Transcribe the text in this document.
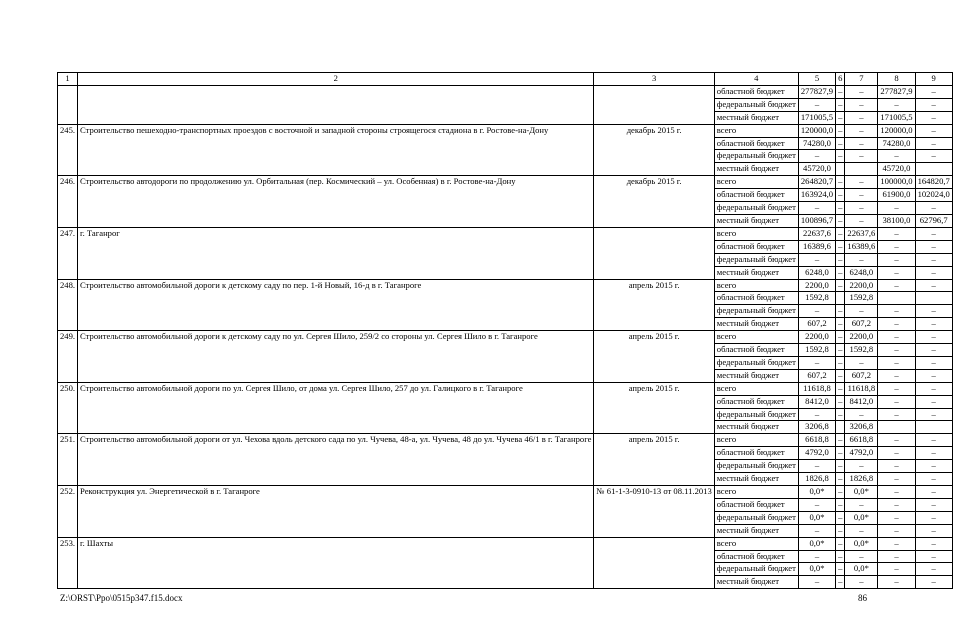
1	2	3	4	5	6	7	8	9
			областной бюджет	277827,9	–	–	277827,9	–
			федеральный бюджет	–	–	–	–	–
			местный бюджет	171005,5	–	–	171005,5	–
245.	Строительство пешеходно-транспортных проездов с восточной и западной стороны строящегося стадиона в г. Ростове-на-Дону	декабрь 2015 г.	всего	120000,0	–	–	120000,0	–
			областной бюджет	74280,0	–	–	74280,0	–
			федеральный бюджет	–	–	–	–	–
			местный бюджет	45720,0			45720,0	
246.	Строительство автодороги по продолжению ул. Орбитальная (пер. Космический – ул. Особенная) в г. Ростове-на-Дону	декабрь 2015 г.	всего	264820,7	–	–	100000,0	164820,7
			областной бюджет	163924,0	–	–	61900,0	102024,0
			федеральный бюджет	–	–	–	–	–
			местный бюджет	100896,7	–	–	38100,0	62796,7
247.	г. Таганрог		всего	22637,6	–	22637,6	–	–
			областной бюджет	16389,6	–	16389,6	–	–
			федеральный бюджет	–	–	–	–	–
			местный бюджет	6248,0	–	6248,0	–	–
248.	Строительство автомобильной дороги к детскому саду по пер. 1-й Новый, 16-д в г. Таганроге	апрель 2015 г.	всего	2200,0	–	2200,0	–	–
			областной бюджет	1592,8		1592,8		
			федеральный бюджет	–	–	–	–	–
			местный бюджет	607,2	–	607,2	–	–
249.	Строительство автомобильной дороги к детскому саду по ул. Сергея Шило, 259/2 со стороны ул. Сергея Шило в г. Таганроге	апрель 2015 г.	всего	2200,0	–	2200,0	–	–
			областной бюджет	1592,8	–	1592,8	–	–
			федеральный бюджет	–	–	–	–	–
			местный бюджет	607,2	–	607,2	–	–
250.	Строительство автомобильной дороги по ул. Сергея Шило, от дома ул. Сергея Шило, 257 до ул. Галицкого в г. Таганроге	апрель 2015 г.	всего	11618,8	–	11618,8	–	–
			областной бюджет	8412,0	–	8412,0	–	–
			федеральный бюджет	–	–	–	–	–
			местный бюджет	3206,8		3206,8		
251.	Строительство автомобильной дороги от ул. Чехова вдоль детского сада по ул. Чучева, 48-а, ул. Чучева, 48 до ул. Чучева 46/1 в г. Таганроге	апрель 2015 г.	всего	6618,8	–	6618,8	–	–
			областной бюджет	4792,0	–	4792,0	–	–
			федеральный бюджет	–	–	–	–	–
			местный бюджет	1826,8	–	1826,8	–	–
252.	Реконструкция ул. Энергетической в г. Таганроге	№ 61-1-3-0910-13 от 08.11.2013	всего	0,0*	–	0,0*	–	–
			областной бюджет	–	–	–	–	–
			федеральный бюджет	0,0*	–	0,0*	–	–
			местный бюджет	–	–	–	–	–
253.	г. Шахты		всего	0,0*	–	0,0*	–	–
			областной бюджет	–	–	–	–	–
			федеральный бюджет	0,0*	–	0,0*	–	–
			местный бюджет	–	–	–	–	–
Z:\ORST\Ppo\0515p347.f15.docx	86
